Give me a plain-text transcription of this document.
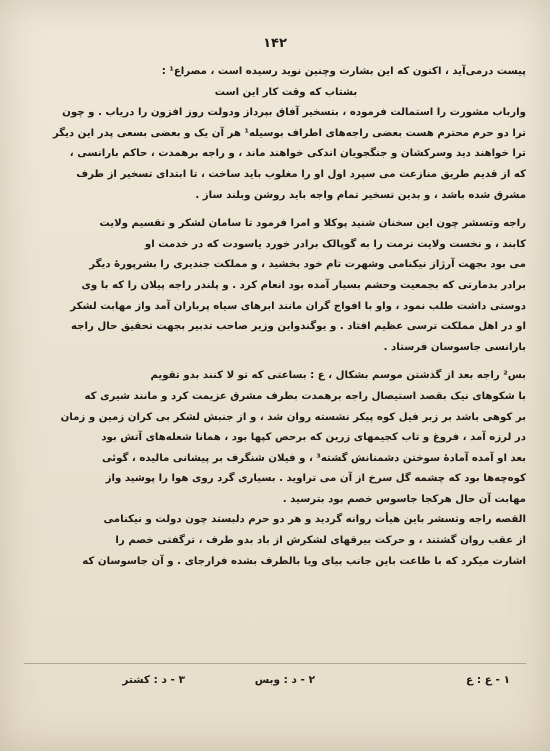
۱۴۲
پیست درمی‌آید ، اکنون که این بشارت وچنین نوید رسیده است ، مصراع¹ :
بشتاب که وقت کار این است
وارباب مشورت را استمالت فرموده ، بتسخیر آفاق بپرداز ودولت روز افزون را دریاب . و چون
ترا دو حرم محترم هست بعضی راجه‌های اطراف بوسیله¹ هر آن یک و بعضی بسعی پدر این دیگر
ترا خواهند دید وسرکشان و جنگجویان اندکی خواهند ماند ، و راجه برهمدت ، حاکم بارانسی ،
که از قدیم طریق منازعت می سپرد اول او را مغلوب باید ساخت ، تا ابتدای تسخیر از طرف
مشرق شده باشد ، و بدین تسخیر تمام واجه باید روشن وبلند ساز .
راجه وتسشر چون این سخنان شنید پوکلا و امرا فرمود تا سامان لشکر و تقسیم ولایت
کابند ، و نخست ولایت نرمت را به گوپالک برادر خورد یاسودت که در خدمت او
می بود بجهت آرژاز نیکنامی وشهرت تام خود بخشید ، و مملکت جندیری را بشرپورهٔ دیگر
برادر بدمارتی که بجمعیت وحشم بسیار آمده بود انعام کرد . و پلندر راجه پیلان را که با وی
دوستی داشت طلب نمود ، واو با افواج گران مانند ابرهای سیاه پرباران آمد واز مهابت لشکر
او در اهل مملکت ترسی عظیم افتاد . و یوگندواین وزیر صاحب تدبیر بجهت تحقیق حال راجه
بارانسی جاسوسان فرستاد .
بس² راجه بعد از گذشتن موسم بشکال ، ع : بساعتی که تو لا کنند بدو تقویم
با شکوهای نیک بقصد استیصال راجه برهمدت بطرف مشرق عزیمت کرد و مانند شیری که
بر کوهی باشد بر زبر فیل کوه پیکر نشسته روان شد ، و از جنبش لشکر بی کران زمین و زمان
در لرزه آمد ، فروغ و تاب کجیمهای زرین که برحص کپها بود ، همانا شعله‌های آتش بود
بعد او آمده آمادهٔ سوختن دشمنانش گشته³ ، و فیلان شنگرف بر پیشانی مالیده ، گوئی
کوه‌چه‌ها بود که چشمه گل سرخ از آن می تراوید . بسیاری گرد روی هوا را پوشید واز
مهابت آن حال هرکجا جاسوس خصم بود بترسید .
القصه راجه وتسشر باین هیأت روانه گردید و هر دو حرم دلبستد چون دولت و نیکنامی
از عقب روان گشتند ، و حرکت بیرقهای لشکرش از باد بدو طرف ، ترگفتی خصم را
اشارت میکرد که با طاعت باین جانب بیای ویا بالطرف بشده فرارجای . و آن جاسوسان که
۱ - ع : ع
۲ - د : وبس
۳ - د : کشتر
